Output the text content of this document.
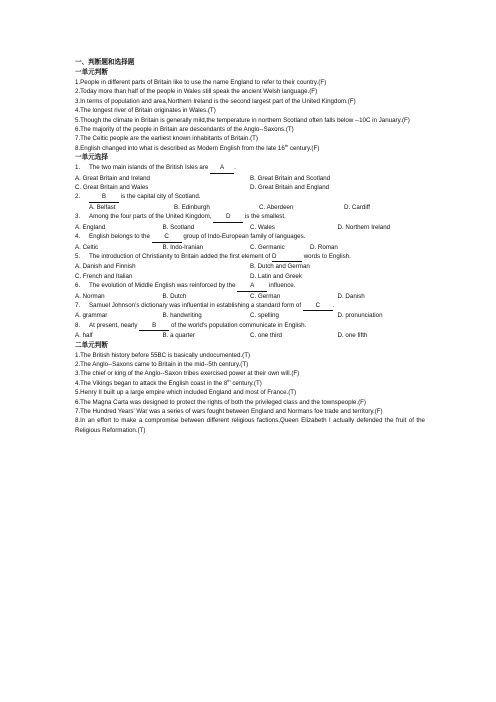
一、判断题和选择题
一单元判断
1.People in different parts of Britain like to use the name England to refer to their country.(F)
2.Today more than half of the people in Wales still speak the ancient Welsh language.(F)
3.In terms of population and area,Northern Ireland is the second largest part of the United Kingdom.(F)
4.The longest river of Britain originates in Wales.(T)
5.Though the climate in Britain is generally mild,the temperature in northern Scotland often falls below --10C in January.(F)
6.The majority of the people in Britain are descendants of the Anglo--Saxons.(T)
7.The Celtic people are the earliest known inhabitants of Britain.(T)
8.English changed into what is described as Modern English from the late 16th century.(F)
一单元选择
1.	The two main islands of the British Isles are A .
A. Great Britain and Ireland	B. Great Britain and Scotland
C. Great Britain and Wales	D. Great Britain and England
2.	B is the capital city of Scotland.
A. Belfast	B. Edinburgh	C. Aberdeen	D. Cardiff
3.	Among the four parts of the United Kingdom, D is the smallest.
A. England	B. Scotland	C. Wales	D. Northern Ireland
4.	English belongs to the C group of Indo-European family of languages.
A. Celtic	B. Indo-Iranian	C. Germanic	D. Roman
5.	The introduction of Christianity to Britain added the first element of D	words to English.
A. Danish and Finnish	B. Dutch and German
C. French and Italian	D. Latin and Greek
6.	The evolution of Middle English was reinforced by the A influence.
A. Norman	B. Dutch	C. German	D. Danish
7.	Samuel Johnson’s dictionary was influential in establishing a standard form of C .
A. grammar	B. handwriting	C. spelling	D. pronunciation
8.	At present, nearly B of the world’s population communicate in English.
A. half	B. a quarter	C. one third	D. one fifth
二单元判断
1.The British history before 55BC is basically undocumented.(T)
2.The Anglo--Saxons came to Britain in the mid--5th century.(T)
3.The chief or king of the Anglo--Saxon tribes exercised power at their own will.(F)
4.The Vikings began to attack the English coast in the 8th century.(T)
5.Henry II built up a large empire which included England and most of France.(T)
6.The Magna Carta was designed to protect the rights of both the privileged class and the townspeople.(F)
7.The Hundred Years' War was a series of wars fought between England and Normans foe trade and territory.(F)
8.In an effort to make a compromise between different religious factions,Queen Elizabeth I actually defended the fruit of the Religious Reformation.(T)
